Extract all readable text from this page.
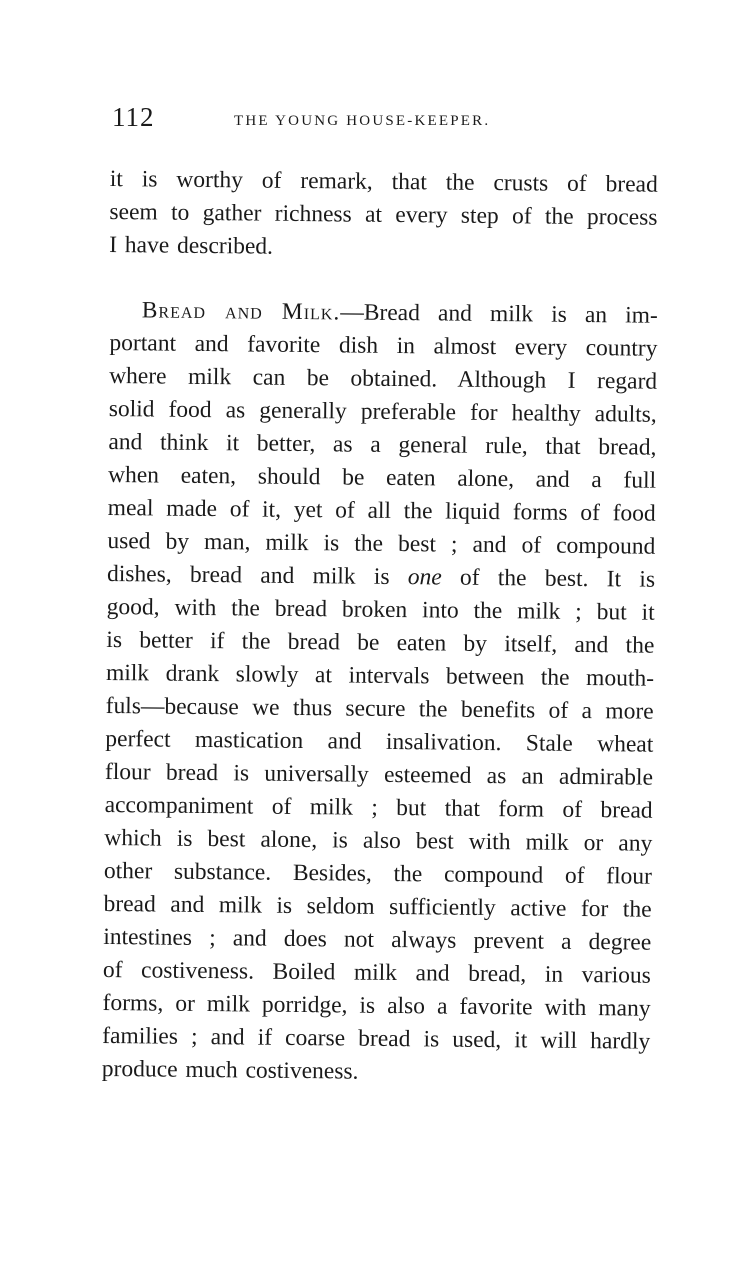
112	THE YOUNG HOUSE-KEEPER.
it is worthy of remark, that the crusts of bread
seem to gather richness at every step of the process
I have described.
Bread and Milk.—Bread and milk is an im-
portant and favorite dish in almost every country
where milk can be obtained. Although I regard
solid food as generally preferable for healthy adults,
and think it better, as a general rule, that bread,
when eaten, should be eaten alone, and a full
meal made of it, yet of all the liquid forms of food
used by man, milk is the best ; and of compound
dishes, bread and milk is one of the best. It is
good, with the bread broken into the milk ; but it
is better if the bread be eaten by itself, and the
milk drank slowly at intervals between the mouth-
fuls—because we thus secure the benefits of a more
perfect mastication and insalivation. Stale wheat
flour bread is universally esteemed as an admirable
accompaniment of milk ; but that form of bread
which is best alone, is also best with milk or any
other substance. Besides, the compound of flour
bread and milk is seldom sufficiently active for the
intestines ; and does not always prevent a degree
of costiveness. Boiled milk and bread, in various
forms, or milk porridge, is also a favorite with many
families ; and if coarse bread is used, it will hardly
produce much costiveness.
